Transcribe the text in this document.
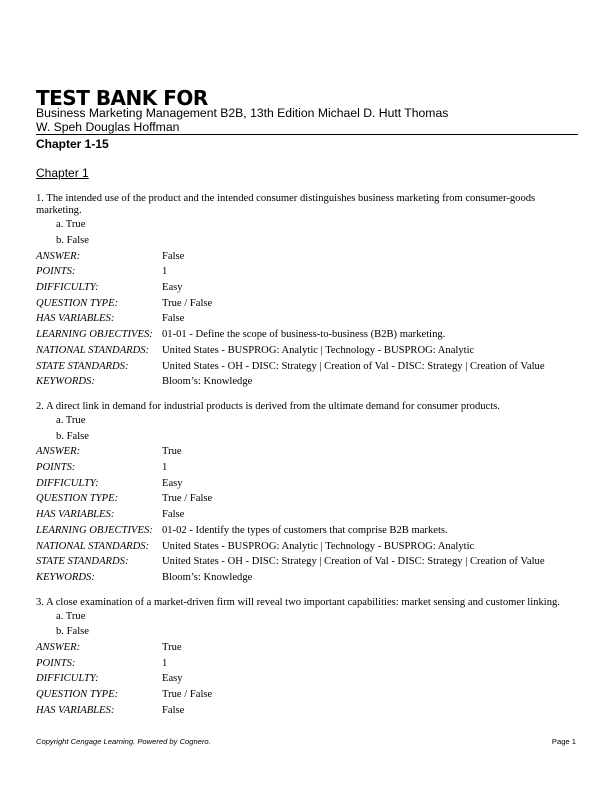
TEST BANK FOR
Business Marketing Management B2B, 13th Edition Michael D. Hutt Thomas
W. Speh Douglas Hoffman
Chapter 1-15
Chapter 1
1. The intended use of the product and the intended consumer distinguishes business marketing from consumer-goods marketing.
a. True
b. False
ANSWER:	False
POINTS:	1
DIFFICULTY:	Easy
QUESTION TYPE:	True / False
HAS VARIABLES:	False
LEARNING OBJECTIVES: 01-01 - Define the scope of business-to-business (B2B) marketing.
NATIONAL STANDARDS:	United States - BUSPROG: Analytic | Technology - BUSPROG: Analytic
STATE STANDARDS:	United States - OH - DISC: Strategy | Creation of Val - DISC: Strategy | Creation of Value
KEYWORDS:	Bloom’s: Knowledge
2. A direct link in demand for industrial products is derived from the ultimate demand for consumer products.
a. True
b. False
ANSWER:	True
POINTS:	1
DIFFICULTY:	Easy
QUESTION TYPE:	True / False
HAS VARIABLES:	False
LEARNING OBJECTIVES: 01-02 - Identify the types of customers that comprise B2B markets.
NATIONAL STANDARDS:	United States - BUSPROG: Analytic | Technology - BUSPROG: Analytic
STATE STANDARDS:	United States - OH - DISC: Strategy | Creation of Val - DISC: Strategy | Creation of Value
KEYWORDS:	Bloom’s: Knowledge
3. A close examination of a market-driven firm will reveal two important capabilities: market sensing and customer linking.
a. True
b. False
ANSWER:	True
POINTS:	1
DIFFICULTY:	Easy
QUESTION TYPE:	True / False
HAS VARIABLES:	False
Copyright Cengage Learning. Powered by Cognero.	Page 1
